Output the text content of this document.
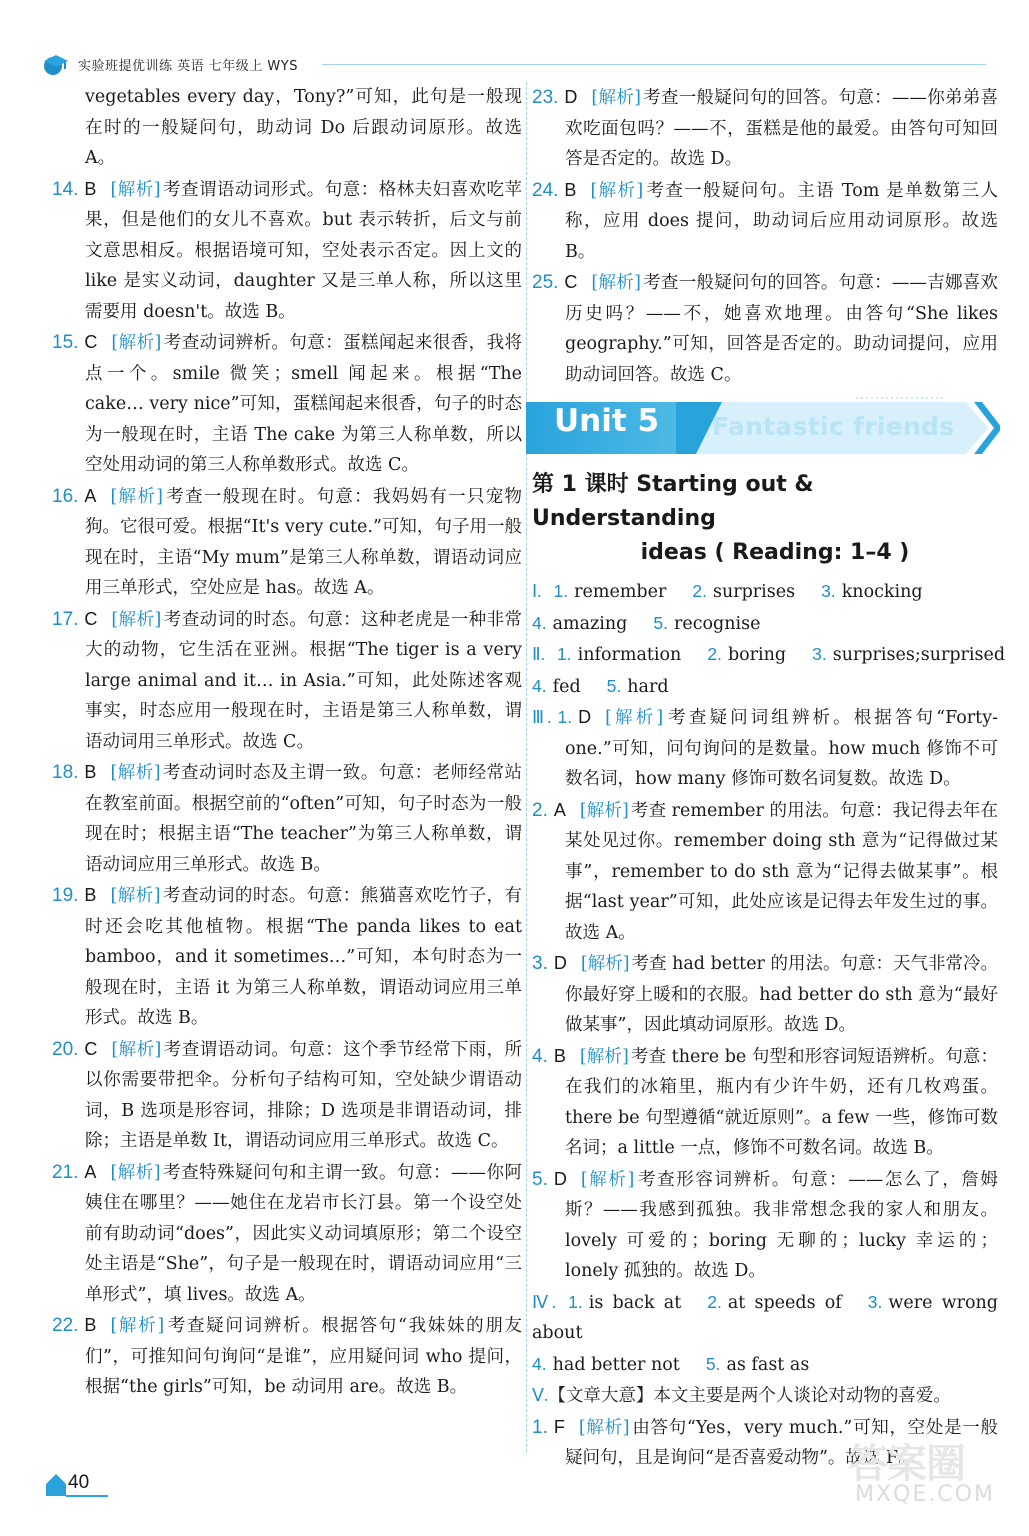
实验班提优训练 英语 七年级上 WYS

vegetables every day，Tony?”可知，此句是一般现在时的一般疑问句，助动词 Do 后跟动词原形。故选 A。

14. B [解析] 考查谓语动词形式。句意：格林夫妇喜欢吃苹果，但是他们的女儿不喜欢。but 表示转折，后文与前文意思相反。根据语境可知，空处表示否定。因上文的 like 是实义动词，daughter 又是三单人称，所以这里需要用 doesn't。故选 B。

15. C [解析] 考查动词辨析。句意：蛋糕闻起来很香，我将点一个。smile 微笑；smell 闻起来。根据“The cake… very nice”可知，蛋糕闻起来很香，句子的时态为一般现在时，主语 The cake 为第三人称单数，所以空处用动词的第三人称单数形式。故选 C。

16. A [解析] 考查一般现在时。句意：我妈妈有一只宠物狗。它很可爱。根据“It's very cute.”可知，句子用一般现在时，主语“My mum”是第三人称单数，谓语动词应用三单形式，空处应是 has。故选 A。

17. C [解析] 考查动词的时态。句意：这种老虎是一种非常大的动物，它生活在亚洲。根据“The tiger is a very large animal and it… in Asia.”可知，此处陈述客观事实，时态应用一般现在时，主语是第三人称单数，谓语动词用三单形式。故选 C。

18. B [解析] 考查动词时态及主谓一致。句意：老师经常站在教室前面。根据空前的“often”可知，句子时态为一般现在时；根据主语“The teacher”为第三人称单数，谓语动词应用三单形式。故选 B。

19. B [解析] 考查动词的时态。句意：熊猫喜欢吃竹子，有时还会吃其他植物。根据“The panda likes to eat bamboo，and it sometimes…”可知，本句时态为一般现在时，主语 it 为第三人称单数，谓语动词应用三单形式。故选 B。

20. C [解析] 考查谓语动词。句意：这个季节经常下雨，所以你需要带把伞。分析句子结构可知，空处缺少谓语动词，B 选项是形容词，排除；D 选项是非谓语动词，排除；主语是单数 It，谓语动词应用三单形式。故选 C。

21. A [解析] 考查特殊疑问句和主谓一致。句意：——你阿姨住在哪里？——她住在龙岩市长汀县。第一个设空处前有助动词“does”，因此实义动词填原形；第二个设空处主语是“She”，句子是一般现在时，谓语动词应用“三单形式”，填 lives。故选 A。

22. B [解析] 考查疑问词辨析。根据答句“我妹妹的朋友们”，可推知问句询问“是谁”，应用疑问词 who 提问，根据“the girls”可知，be 动词用 are。故选 B。

23. D [解析] 考查一般疑问句的回答。句意：——你弟弟喜欢吃面包吗？——不，蛋糕是他的最爱。由答句可知回答是否定的。故选 D。

24. B [解析] 考查一般疑问句。主语 Tom 是单数第三人称，应用 does 提问，助动词后应用动词原形。故选 B。

25. C [解析] 考查一般疑问句的回答。句意：——吉娜喜欢历史吗？——不，她喜欢地理。由答句“She likes geography.”可知，回答是否定的。助动词提问，应用助动词回答。故选 C。

Unit 5 Fantastic friends
第 1 课时 Starting out & Understanding
ideas ( Reading: 1–4 )

Ⅰ. 1. remember 2. surprises 3. knocking

4. amazing 5. recognise

Ⅱ. 1. information 2. boring 3. surprises;surprised

4. fed 5. hard

Ⅲ. 1. D [解析] 考查疑问词组辨析。根据答句“Forty-one.”可知，问句询问的是数量。how much 修饰不可数名词，how many 修饰可数名词复数。故选 D。

2. A [解析] 考查 remember 的用法。句意：我记得去年在某处见过你。remember doing sth 意为“记得做过某事”，remember to do sth 意为“记得去做某事”。根据“last year”可知，此处应该是记得去年发生过的事。故选 A。

3. D [解析] 考查 had better 的用法。句意：天气非常冷。你最好穿上暖和的衣服。had better do sth 意为“最好做某事”，因此填动词原形。故选 D。

4. B [解析] 考查 there be 句型和形容词短语辨析。句意：在我们的冰箱里，瓶内有少许牛奶，还有几枚鸡蛋。there be 句型遵循“就近原则”。a few 一些，修饰可数名词；a little 一点，修饰不可数名词。故选 B。

5. D [解析] 考查形容词辨析。句意：——怎么了，詹姆斯？——我感到孤独。我非常想念我的家人和朋友。lovely 可爱的；boring 无聊的；lucky 幸运的；lonely 孤独的。故选 D。

Ⅳ. 1. is back at 2. at speeds of 3. were wrong about

4. had better not 5. as fast as

Ⅴ.【文章大意】本文主要是两个人谈论对动物的喜爱。

1. F [解析] 由答句“Yes，very much.”可知，空处是一般疑问句，且是询问“是否喜爱动物”。故选 F。

40	答案圈
MXQE.COM
